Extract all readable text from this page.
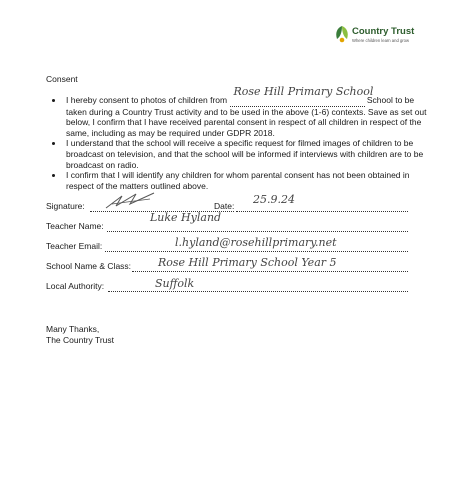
Country Trust
Where children learn and grow
Consent
• I hereby consent to photos of children from
Rose Hill Primary School
School to be taken during a Country Trust activity and to be used in the above (1-6) contexts. Save as set out below, I confirm that I have received parental consent in respect of all children in respect of the same, including as may be required under GDPR 2018.
• I understand that the school will receive a specific request for filmed images of children to be broadcast on television, and that the school will be informed if interviews with children are to be broadcast on radio.
• I confirm that I will identify any children for whom parental consent has not been obtained in respect of the matters outlined above.
Signature:	Date: 25.9.24
Teacher Name:
Luke Hyland
Teacher Email:	l.hyland@rosehillprimary.net
School Name & Class: Rose Hill Primary School Year 5
Local Authority:	Suffolk
Many Thanks,
The Country Trust
